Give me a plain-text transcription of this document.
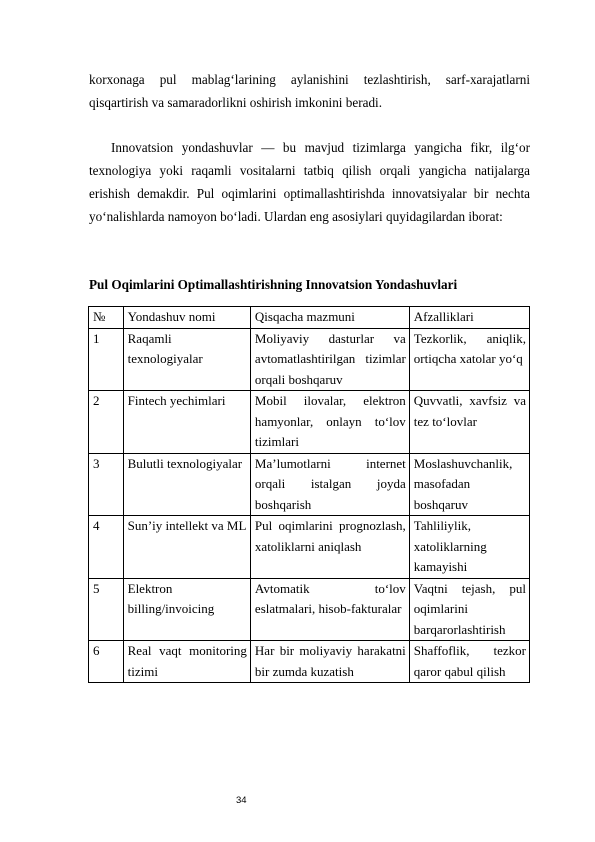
korxonaga pul mablag‘larining aylanishini tezlashtirish, sarf-xarajatlarni qisqartirish va samaradorlikni oshirish imkonini beradi.

Innovatsion yondashuvlar — bu mavjud tizimlarga yangicha fikr, ilg‘or texnologiya yoki raqamli vositalarni tatbiq qilish orqali yangicha natijalarga erishish demakdir. Pul oqimlarini optimallashtirishda innovatsiyalar bir nechta yo‘nalishlarda namoyon bo‘ladi. Ulardan eng asosiylari quyidagilardan iborat:

Pul Oqimlarini Optimallashtirishning Innovatsion Yondashuvlari

№	Yondashuv nomi	Qisqacha mazmuni	Afzalliklari
1	Raqamli texnologiyalar	Moliyaviy dasturlar va avtomatlashtirilgan tizimlar orqali boshqaruv	Tezkorlik, aniqlik, ortiqcha xatolar yo‘q
2	Fintech yechimlari	Mobil ilovalar, elektron hamyonlar, onlayn to‘lov tizimlari	Quvvatli, xavfsiz va tez to‘lovlar
3	Bulutli texnologiyalar	Ma’lumotlarni internet orqali istalgan joyda boshqarish	Moslashuvchanlik, masofadan boshqaruv
4	Sun’iy intellekt va ML	Pul oqimlarini prognozlash, xatoliklarni aniqlash	Tahliliylik, xatoliklarning kamayishi
5	Elektron billing/invoicing	Avtomatik to‘lov eslatmalari, hisob-fakturalar	Vaqtni tejash, pul oqimlarini barqarorlashtirish
6	Real vaqt monitoring tizimi	Har bir moliyaviy harakatni bir zumda kuzatish	Shaffoflik, tezkor qaror qabul qilish
34
